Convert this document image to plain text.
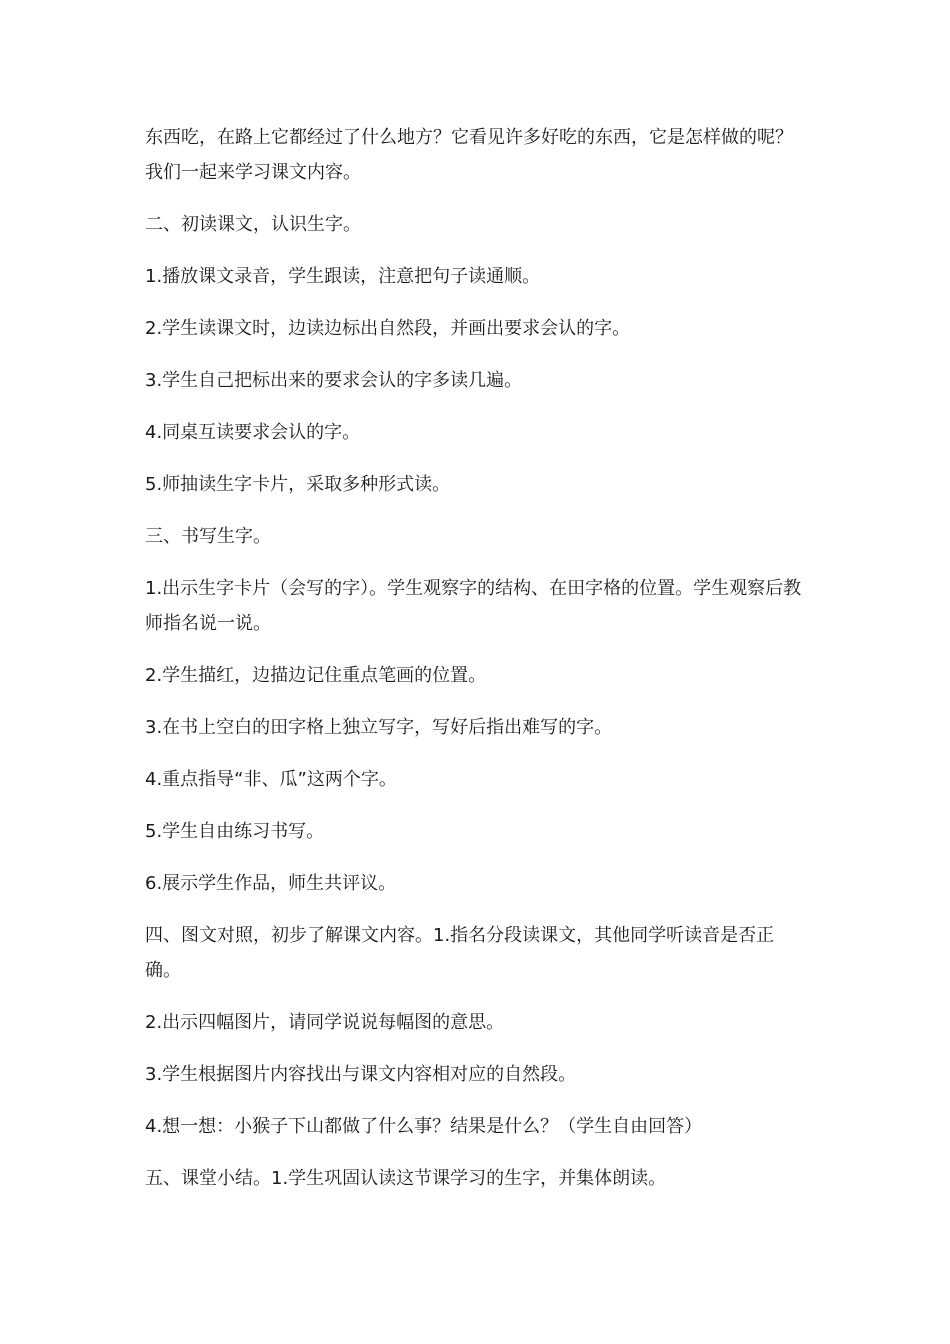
东西吃，在路上它都经过了什么地方？它看见许多好吃的东西，它是怎样做的呢？我们一起来学习课文内容。

二、初读课文，认识生字。

1.播放课文录音，学生跟读，注意把句子读通顺。

2.学生读课文时，边读边标出自然段，并画出要求会认的字。

3.学生自己把标出来的要求会认的字多读几遍。

4.同桌互读要求会认的字。

5.师抽读生字卡片，采取多种形式读。

三、书写生字。

1.出示生字卡片（会写的字）。学生观察字的结构、在田字格的位置。学生观察后教师指名说一说。

2.学生描红，边描边记住重点笔画的位置。

3.在书上空白的田字格上独立写字，写好后指出难写的字。

4.重点指导“非、瓜”这两个字。

5.学生自由练习书写。

6.展示学生作品，师生共评议。

四、图文对照，初步了解课文内容。1.指名分段读课文，其他同学听读音是否正确。

2.出示四幅图片，请同学说说每幅图的意思。

3.学生根据图片内容找出与课文内容相对应的自然段。

4.想一想：小猴子下山都做了什么事？结果是什么？（学生自由回答）

五、课堂小结。1.学生巩固认读这节课学习的生字，并集体朗读。
